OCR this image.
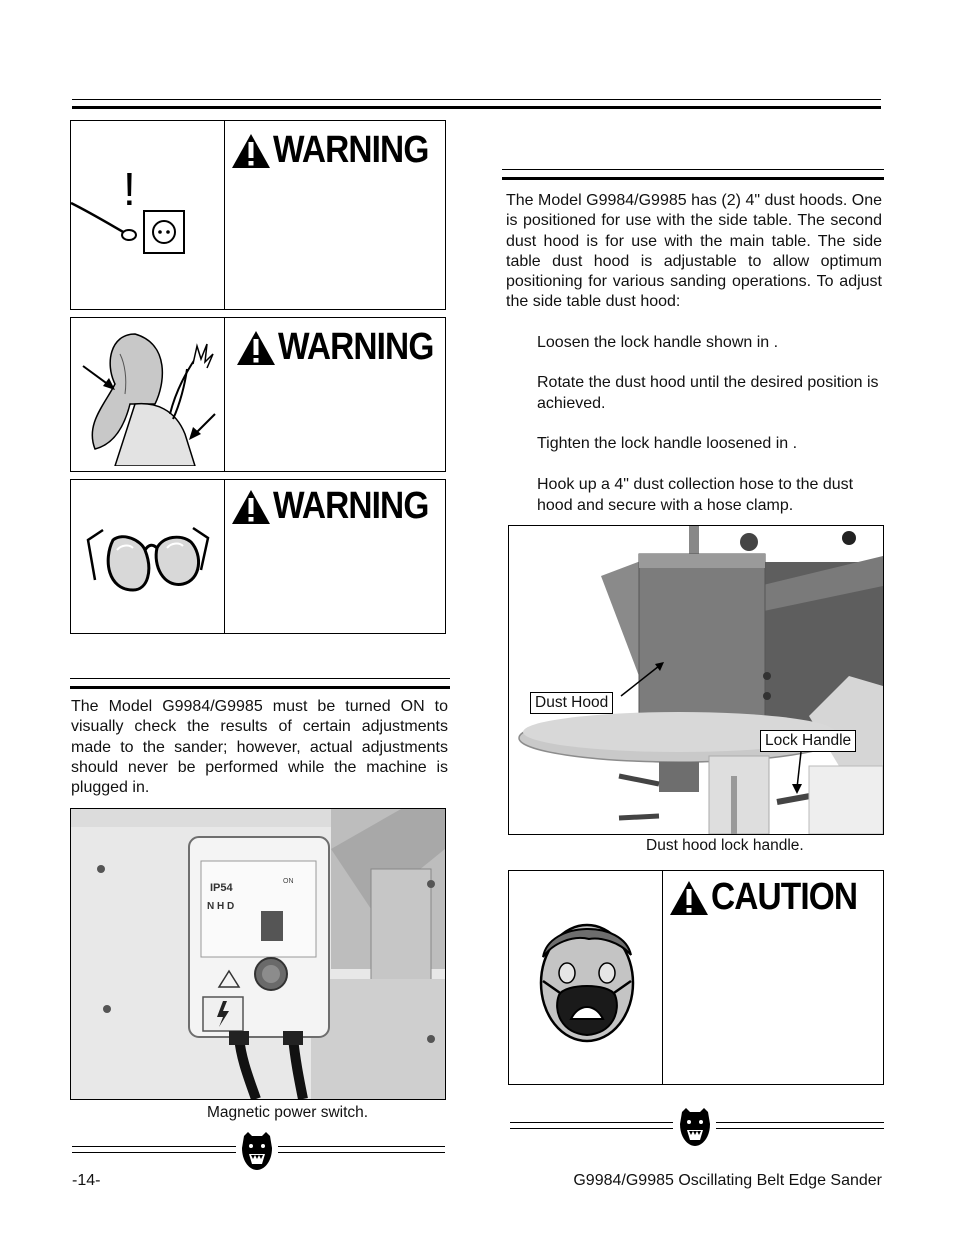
!
WARNING
WARNING
WARNING
The Model G9984/G9985 must be turned ON to visually check the results of certain adjustments made to the sander; however, actual adjustments should never be performed while the machine is plugged in.
IP54
N H D
ON
Magnetic power switch.
The Model G9984/G9985 has (2) 4" dust hoods. One is positioned for use with the side table. The second dust hood is for use with the main table. The side table dust hood is adjustable to allow optimum positioning for various sanding operations. To adjust the side table dust hood:
Loosen the lock handle shown in .
Rotate the dust hood until the desired position is achieved.
Tighten the lock handle loosened in .
Hook up a 4" dust collection hose to the dust hood and secure with a hose clamp.
Dust Hood
Lock Handle
Dust hood lock handle.
CAUTION
-14-	G9984/G9985 Oscillating Belt Edge Sander
